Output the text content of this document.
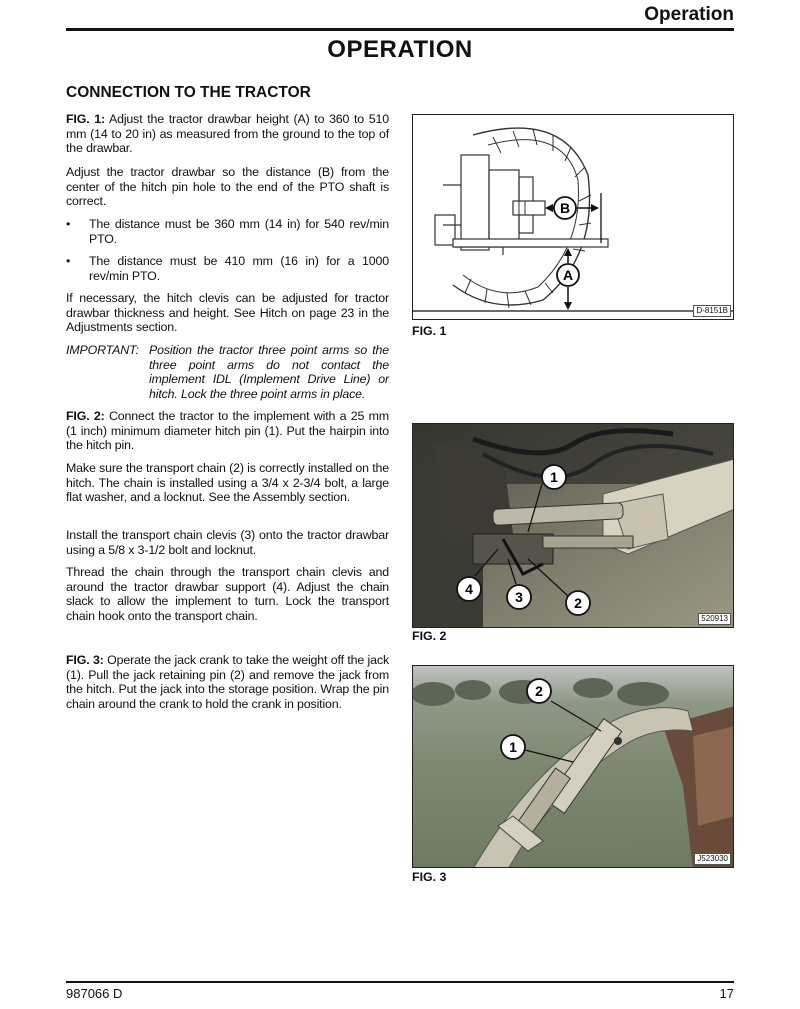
Operation
OPERATION
CONNECTION TO THE TRACTOR
FIG. 1: Adjust the tractor drawbar height (A) to 360 to 510 mm (14 to 20 in) as measured from the ground to the top of the drawbar.
Adjust the tractor drawbar so the distance (B) from the center of the hitch pin hole to the end of the PTO shaft is correct.
• The distance must be 360 mm (14 in) for 540 rev/min PTO.
• The distance must be 410 mm (16 in) for a 1000 rev/min PTO.
If necessary, the hitch clevis can be adjusted for tractor drawbar thickness and height. See Hitch on page 23 in the Adjustments section.
IMPORTANT: Position the tractor three point arms so the three point arms do not contact the implement IDL (Implement Drive Line) or hitch. Lock the three point arms in place.
FIG. 2: Connect the tractor to the implement with a 25 mm (1 inch) minimum diameter hitch pin (1). Put the hairpin into the hitch pin.
Make sure the transport chain (2) is correctly installed on the hitch. The chain is installed using a 3/4 x 2-3/4 bolt, a large flat washer, and a locknut. See the Assembly section.
Install the transport chain clevis (3) onto the tractor drawbar using a 5/8 x 3-1/2 bolt and locknut.
Thread the chain through the transport chain clevis and around the tractor drawbar support (4). Adjust the chain slack to allow the implement to turn. Lock the transport chain hook onto the transport chain.
FIG. 3: Operate the jack crank to take the weight off the jack (1). Pull the jack retaining pin (2) and remove the jack from the hitch. Put the jack into the storage position. Wrap the pin chain around the crank to hold the crank in position.
B
A
D-8151B
FIG. 1
1
4	3	2
520913
FIG. 2
2
1
J523030
FIG. 3
987066 D	17
